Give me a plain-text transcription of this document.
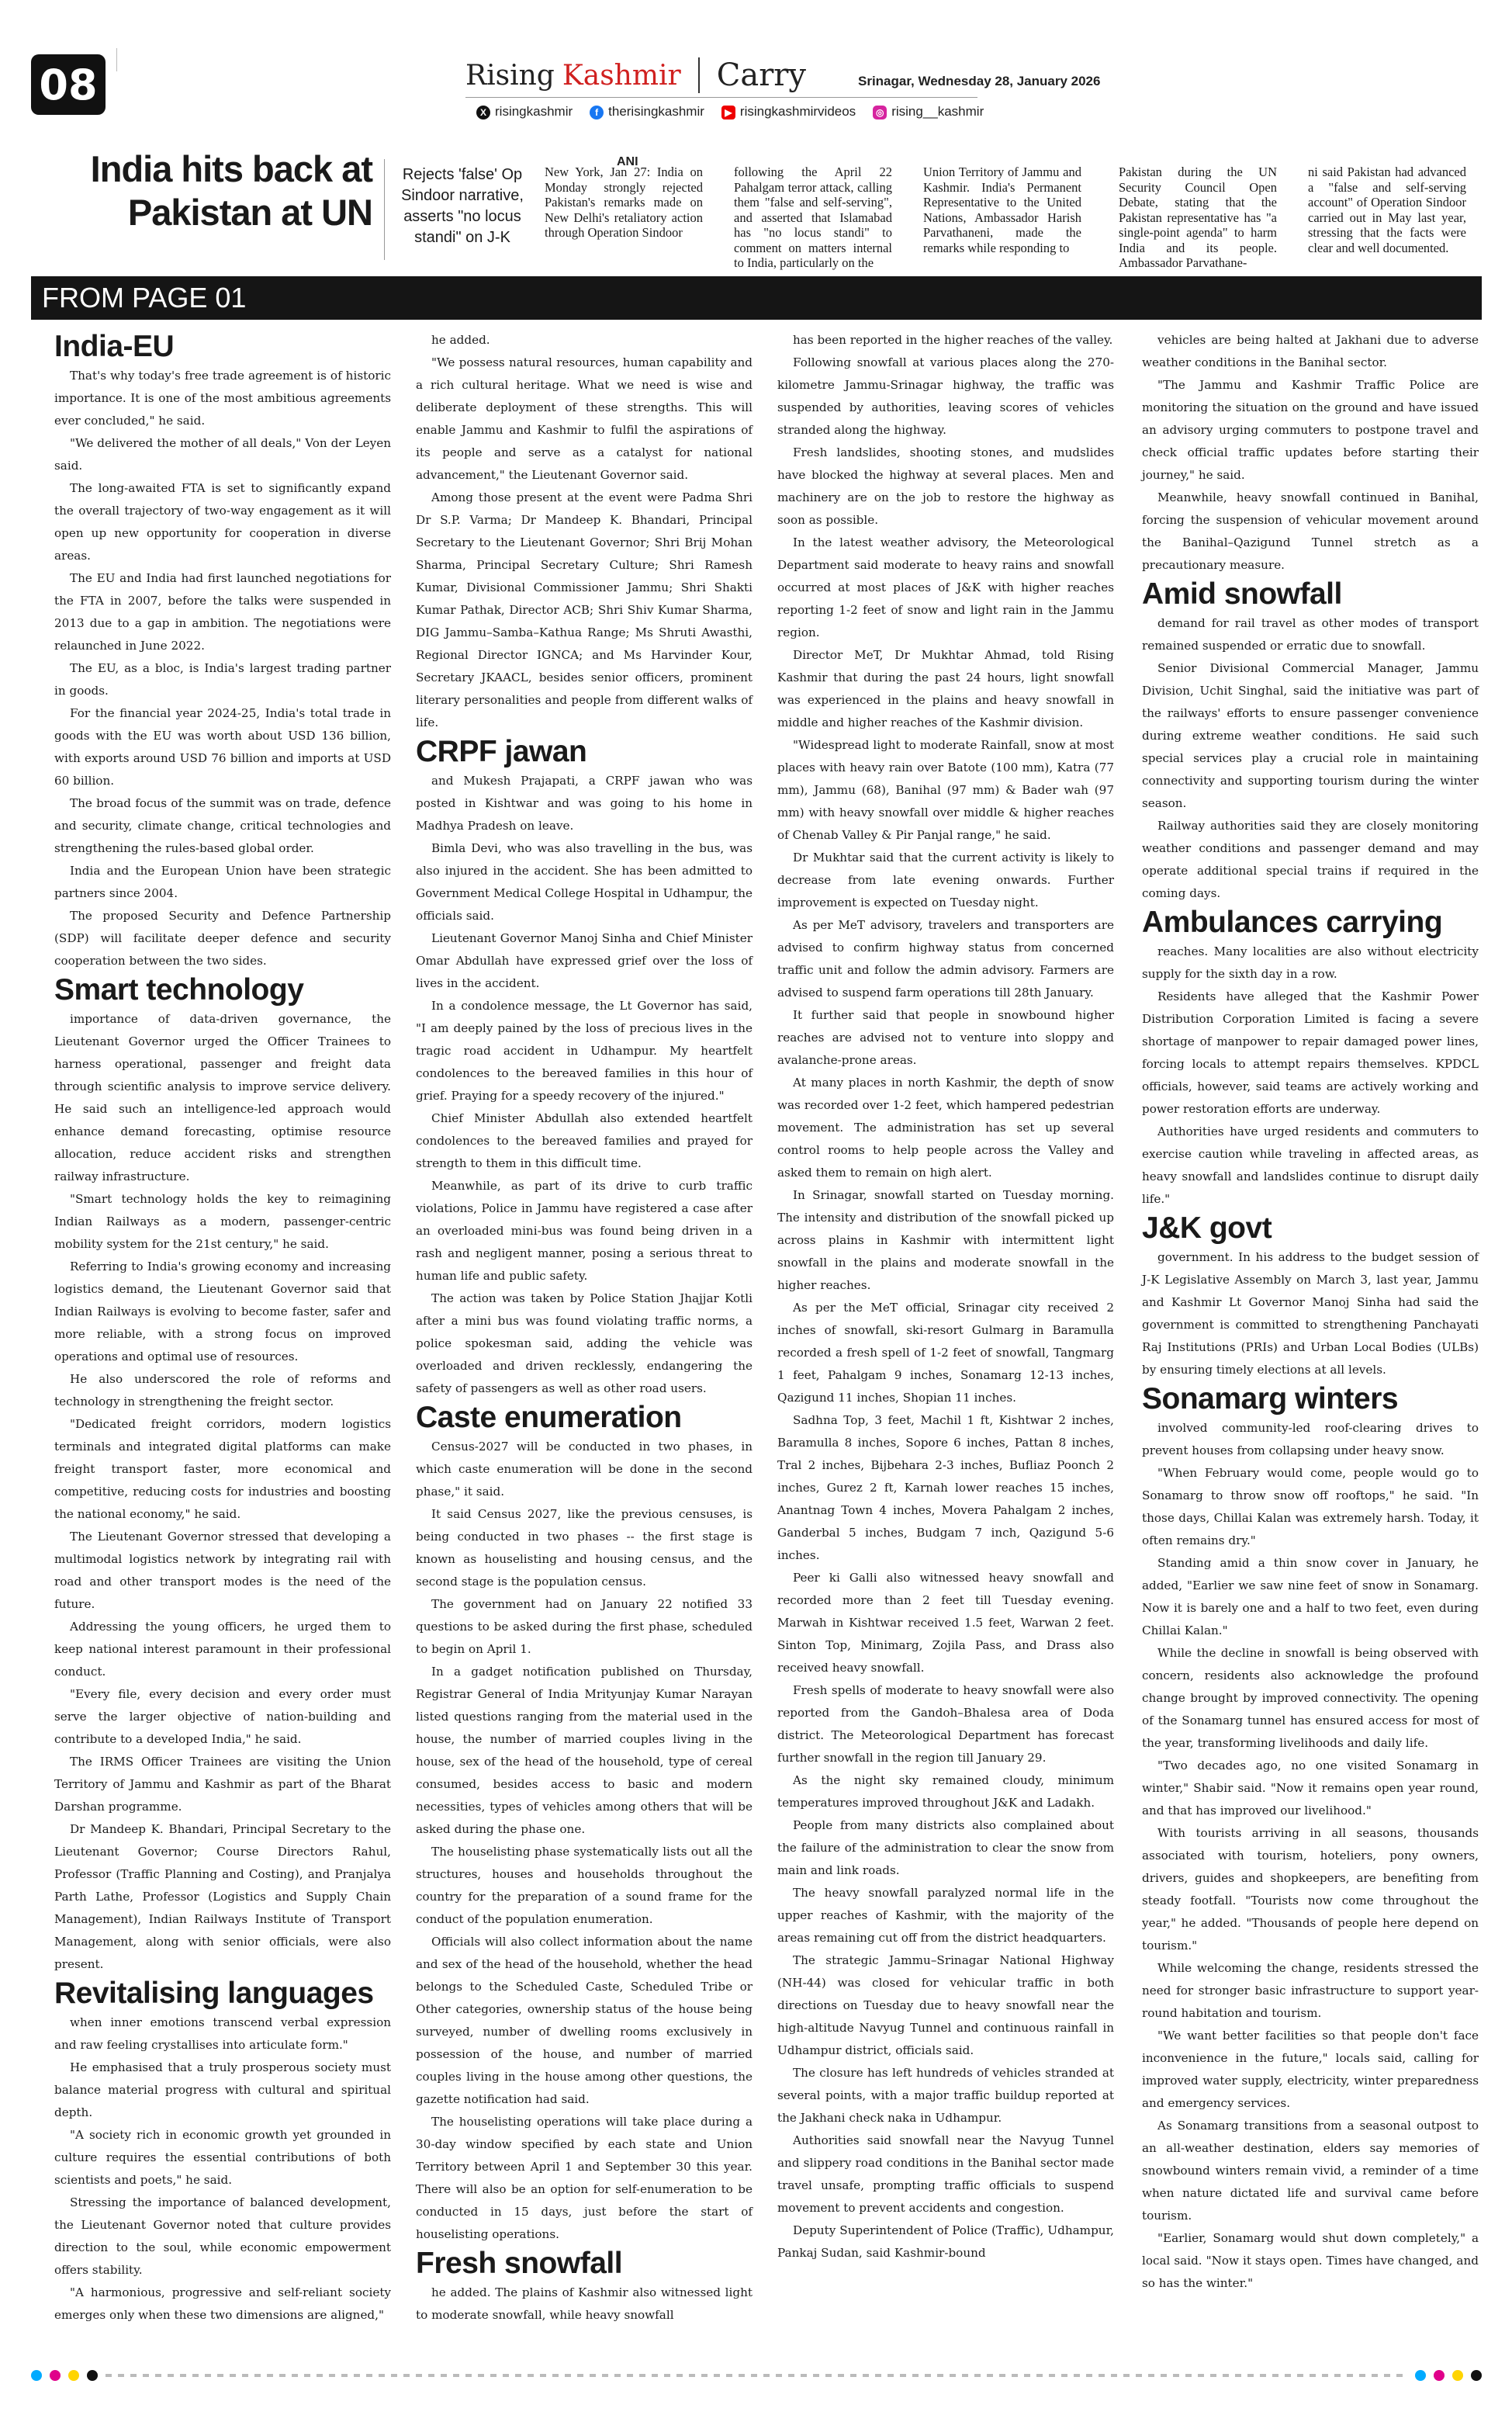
08	Rising Kashmir Carry	Srinagar, Wednesday 28, January 2026
X risingkashmir	f therisingkashmir	▶ risingkashmirvideos	◎ rising__kashmir
India hits back at
Pakistan at UN
Rejects 'false' Op Sindoor narrative, asserts "no locus standi" on J-K
ANI
New York, Jan 27: India on Monday strongly rejected Pakistan's remarks made on New Delhi's retaliatory action through Operation Sindoor
following the April 22 Pahalgam terror attack, calling them "false and self-serving", and asserted that Islamabad has "no locus standi" to comment on matters internal to India, particularly on the
Union Territory of Jammu and Kashmir. India's Permanent Representative to the United Nations, Ambassador Harish Parvathaneni, made the remarks while responding to
Pakistan during the UN Security Council Open Debate, stating that the Pakistan representative has "a single-point agenda" to harm India and its people. Ambassador Parvathane-
ni said Pakistan had advanced a "false and self-serving account" of Operation Sindoor carried out in May last year, stressing that the facts were clear and well documented.
FROM PAGE 01
India-EU

That's why today's free trade agreement is of historic importance. It is one of the most ambitious agreements ever concluded," he said.

"We delivered the mother of all deals," Von der Leyen said.

The long-awaited FTA is set to significantly expand the overall trajectory of two-way engagement as it will open up new opportunity for cooperation in diverse areas.

The EU and India had first launched negotiations for the FTA in 2007, before the talks were suspended in 2013 due to a gap in ambition. The negotiations were relaunched in June 2022.

The EU, as a bloc, is India's largest trading partner in goods.

For the financial year 2024-25, India's total trade in goods with the EU was worth about USD 136 billion, with exports around USD 76 billion and imports at USD 60 billion.

The broad focus of the summit was on trade, defence and security, climate change, critical technologies and strengthening the rules-based global order.

India and the European Union have been strategic partners since 2004.

The proposed Security and Defence Partnership (SDP) will facilitate deeper defence and security cooperation between the two sides.

Smart technology

importance of data-driven governance, the Lieutenant Governor urged the Officer Trainees to harness operational, passenger and freight data through scientific analysis to improve service delivery. He said such an intelligence-led approach would enhance demand forecasting, optimise resource allocation, reduce accident risks and strengthen railway infrastructure.

"Smart technology holds the key to reimagining Indian Railways as a modern, passenger-centric mobility system for the 21st century," he said.

Referring to India's growing economy and increasing logistics demand, the Lieutenant Governor said that Indian Railways is evolving to become faster, safer and more reliable, with a strong focus on improved operations and optimal use of resources.

He also underscored the role of reforms and technology in strengthening the freight sector.

"Dedicated freight corridors, modern logistics terminals and integrated digital platforms can make freight transport faster, more economical and competitive, reducing costs for industries and boosting the national economy," he said.

The Lieutenant Governor stressed that developing a multimodal logistics network by integrating rail with road and other transport modes is the need of the future.

Addressing the young officers, he urged them to keep national interest paramount in their professional conduct.

"Every file, every decision and every order must serve the larger objective of nation-building and contribute to a developed India," he said.

The IRMS Officer Trainees are visiting the Union Territory of Jammu and Kashmir as part of the Bharat Darshan programme.

Dr Mandeep K. Bhandari, Principal Secretary to the Lieutenant Governor; Course Directors Rahul, Professor (Traffic Planning and Costing), and Pranjalya Parth Lathe, Professor (Logistics and Supply Chain Management), Indian Railways Institute of Transport Management, along with senior officials, were also present.

Revitalising languages

when inner emotions transcend verbal expression and raw feeling crystallises into articulate form."

He emphasised that a truly prosperous society must balance material progress with cultural and spiritual depth.

"A society rich in economic growth yet grounded in culture requires the essential contributions of both scientists and poets," he said.

Stressing the importance of balanced development, the Lieutenant Governor noted that culture provides direction to the soul, while economic empowerment offers stability.

"A harmonious, progressive and self-reliant society emerges only when these two dimensions are aligned,"

he added.

"We possess natural resources, human capability and a rich cultural heritage. What we need is wise and deliberate deployment of these strengths. This will enable Jammu and Kashmir to fulfil the aspirations of its people and serve as a catalyst for national advancement," the Lieutenant Governor said.

Among those present at the event were Padma Shri Dr S.P. Varma; Dr Mandeep K. Bhandari, Principal Secretary to the Lieutenant Governor; Shri Brij Mohan Sharma, Principal Secretary Culture; Shri Ramesh Kumar, Divisional Commissioner Jammu; Shri Shakti Kumar Pathak, Director ACB; Shri Shiv Kumar Sharma, DIG Jammu–Samba–Kathua Range; Ms Shruti Awasthi, Regional Director IGNCA; and Ms Harvinder Kour, Secretary JKAACL, besides senior officers, prominent literary personalities and people from different walks of life.

CRPF jawan

and Mukesh Prajapati, a CRPF jawan who was posted in Kishtwar and was going to his home in Madhya Pradesh on leave.

Bimla Devi, who was also travelling in the bus, was also injured in the accident. She has been admitted to Government Medical College Hospital in Udhampur, the officials said.

Lieutenant Governor Manoj Sinha and Chief Minister Omar Abdullah have expressed grief over the loss of lives in the accident.

In a condolence message, the Lt Governor has said, "I am deeply pained by the loss of precious lives in the tragic road accident in Udhampur. My heartfelt condolences to the bereaved families in this hour of grief. Praying for a speedy recovery of the injured."

Chief Minister Abdullah also extended heartfelt condolences to the bereaved families and prayed for strength to them in this difficult time.

Meanwhile, as part of its drive to curb traffic violations, Police in Jammu have registered a case after an overloaded mini-bus was found being driven in a rash and negligent manner, posing a serious threat to human life and public safety.

The action was taken by Police Station Jhajjar Kotli after a mini bus was found violating traffic norms, a police spokesman said, adding the vehicle was overloaded and driven recklessly, endangering the safety of passengers as well as other road users.

Caste enumeration

Census-2027 will be conducted in two phases, in which caste enumeration will be done in the second phase," it said.

It said Census 2027, like the previous censuses, is being conducted in two phases -- the first stage is known as houselisting and housing census, and the second stage is the population census.

The government had on January 22 notified 33 questions to be asked during the first phase, scheduled to begin on April 1.

In a gadget notification published on Thursday, Registrar General of India Mrityunjay Kumar Narayan listed questions ranging from the material used in the house, the number of married couples living in the house, sex of the head of the household, type of cereal consumed, besides access to basic and modern necessities, types of vehicles among others that will be asked during the phase one.

The houselisting phase systematically lists out all the structures, houses and households throughout the country for the preparation of a sound frame for the conduct of the population enumeration.

Officials will also collect information about the name and sex of the head of the household, whether the head belongs to the Scheduled Caste, Scheduled Tribe or Other categories, ownership status of the house being surveyed, number of dwelling rooms exclusively in possession of the house, and number of married couples living in the house among other questions, the gazette notification had said.

The houselisting operations will take place during a 30-day window specified by each state and Union Territory between April 1 and September 30 this year. There will also be an option for self-enumeration to be conducted in 15 days, just before the start of houselisting operations.

Fresh snowfall

he added. The plains of Kashmir also witnessed light to moderate snowfall, while heavy snowfall

has been reported in the higher reaches of the valley.

Following snowfall at various places along the 270-kilometre Jammu-Srinagar highway, the traffic was suspended by authorities, leaving scores of vehicles stranded along the highway.

Fresh landslides, shooting stones, and mudslides have blocked the highway at several places. Men and machinery are on the job to restore the highway as soon as possible.

In the latest weather advisory, the Meteorological Department said moderate to heavy rains and snowfall occurred at most places of J&K with higher reaches reporting 1-2 feet of snow and light rain in the Jammu region.

Director MeT, Dr Mukhtar Ahmad, told Rising Kashmir that during the past 24 hours, light snowfall was experienced in the plains and heavy snowfall in middle and higher reaches of the Kashmir division.

"Widespread light to moderate Rainfall, snow at most places with heavy rain over Batote (100 mm), Katra (77 mm), Jammu (68), Banihal (97 mm) & Bader wah (97 mm) with heavy snowfall over middle & higher reaches of Chenab Valley & Pir Panjal range," he said.

Dr Mukhtar said that the current activity is likely to decrease from late evening onwards. Further improvement is expected on Tuesday night.

As per MeT advisory, travelers and transporters are advised to confirm highway status from concerned traffic unit and follow the admin advisory. Farmers are advised to suspend farm operations till 28th January.

It further said that people in snowbound higher reaches are advised not to venture into sloppy and avalanche-prone areas.

At many places in north Kashmir, the depth of snow was recorded over 1-2 feet, which hampered pedestrian movement. The administration has set up several control rooms to help people across the Valley and asked them to remain on high alert.

In Srinagar, snowfall started on Tuesday morning. The intensity and distribution of the snowfall picked up across plains in Kashmir with intermittent light snowfall in the plains and moderate snowfall in the higher reaches.

As per the MeT official, Srinagar city received 2 inches of snowfall, ski-resort Gulmarg in Baramulla recorded a fresh spell of 1-2 feet of snowfall, Tangmarg 1 feet, Pahalgam 9 inches, Sonamarg 12-13 inches, Qazigund 11 inches, Shopian 11 inches.

Sadhna Top, 3 feet, Machil 1 ft, Kishtwar 2 inches, Baramulla 8 inches, Sopore 6 inches, Pattan 8 inches, Tral 2 inches, Bijbehara 2-3 inches, Bufliaz Poonch 2 inches, Gurez 2 ft, Karnah lower reaches 15 inches, Anantnag Town 4 inches, Movera Pahalgam 2 inches, Ganderbal 5 inches, Budgam 7 inch, Qazigund 5-6 inches.

Peer ki Galli also witnessed heavy snowfall and recorded more than 2 feet till Tuesday evening. Marwah in Kishtwar received 1.5 feet, Warwan 2 feet. Sinton Top, Minimarg, Zojila Pass, and Drass also received heavy snowfall.

Fresh spells of moderate to heavy snowfall were also reported from the Gandoh–Bhalesa area of Doda district. The Meteorological Department has forecast further snowfall in the region till January 29.

As the night sky remained cloudy, minimum temperatures improved throughout J&K and Ladakh.

People from many districts also complained about the failure of the administration to clear the snow from main and link roads.

The heavy snowfall paralyzed normal life in the upper reaches of Kashmir, with the majority of the areas remaining cut off from the district headquarters.

The strategic Jammu–Srinagar National Highway (NH-44) was closed for vehicular traffic in both directions on Tuesday due to heavy snowfall near the high-altitude Navyug Tunnel and continuous rainfall in Udhampur district, officials said.

The closure has left hundreds of vehicles stranded at several points, with a major traffic buildup reported at the Jakhani check naka in Udhampur.

Authorities said snowfall near the Navyug Tunnel and slippery road conditions in the Banihal sector made travel unsafe, prompting traffic officials to suspend movement to prevent accidents and congestion.

Deputy Superintendent of Police (Traffic), Udhampur, Pankaj Sudan, said Kashmir-bound

vehicles are being halted at Jakhani due to adverse weather conditions in the Banihal sector.

"The Jammu and Kashmir Traffic Police are monitoring the situation on the ground and have issued an advisory urging commuters to postpone travel and check official traffic updates before starting their journey," he said.

Meanwhile, heavy snowfall continued in Banihal, forcing the suspension of vehicular movement around the Banihal–Qazigund Tunnel stretch as a precautionary measure.

Amid snowfall

demand for rail travel as other modes of transport remained suspended or erratic due to snowfall.

Senior Divisional Commercial Manager, Jammu Division, Uchit Singhal, said the initiative was part of the railways' efforts to ensure passenger convenience during extreme weather conditions. He said such special services play a crucial role in maintaining connectivity and supporting tourism during the winter season.

Railway authorities said they are closely monitoring weather conditions and passenger demand and may operate additional special trains if required in the coming days.

Ambulances carrying

reaches. Many localities are also without electricity supply for the sixth day in a row.

Residents have alleged that the Kashmir Power Distribution Corporation Limited is facing a severe shortage of manpower to repair damaged power lines, forcing locals to attempt repairs themselves. KPDCL officials, however, said teams are actively working and power restoration efforts are underway.

Authorities have urged residents and commuters to exercise caution while traveling in affected areas, as heavy snowfall and landslides continue to disrupt daily life."

J&K govt

government. In his address to the budget session of J-K Legislative Assembly on March 3, last year, Jammu and Kashmir Lt Governor Manoj Sinha had said the government is committed to strengthening Panchayati Raj Institutions (PRIs) and Urban Local Bodies (ULBs) by ensuring timely elections at all levels.

Sonamarg winters

involved community-led roof-clearing drives to prevent houses from collapsing under heavy snow.

"When February would come, people would go to Sonamarg to throw snow off rooftops," he said. "In those days, Chillai Kalan was extremely harsh. Today, it often remains dry."

Standing amid a thin snow cover in January, he added, "Earlier we saw nine feet of snow in Sonamarg. Now it is barely one and a half to two feet, even during Chillai Kalan."

While the decline in snowfall is being observed with concern, residents also acknowledge the profound change brought by improved connectivity. The opening of the Sonamarg tunnel has ensured access for most of the year, transforming livelihoods and daily life.

"Two decades ago, no one visited Sonamarg in winter," Shabir said. "Now it remains open year round, and that has improved our livelihood."

With tourists arriving in all seasons, thousands associated with tourism, hoteliers, pony owners, drivers, guides and shopkeepers, are benefiting from steady footfall. "Tourists now come throughout the year," he added. "Thousands of people here depend on tourism."

While welcoming the change, residents stressed the need for stronger basic infrastructure to support year-round habitation and tourism.

"We want better facilities so that people don't face inconvenience in the future," locals said, calling for improved water supply, electricity, winter preparedness and emergency services.

As Sonamarg transitions from a seasonal outpost to an all-weather destination, elders say memories of snowbound winters remain vivid, a reminder of a time when nature dictated life and survival came before tourism.

"Earlier, Sonamarg would shut down completely," a local said. "Now it stays open. Times have changed, and so has the winter."
